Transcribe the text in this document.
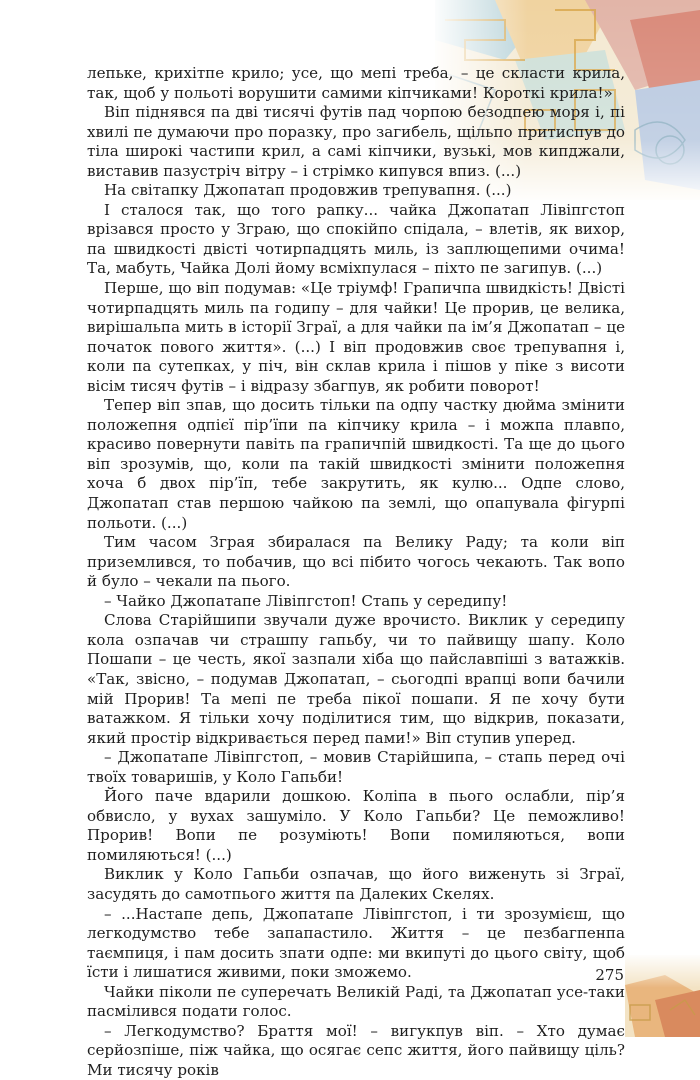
лепьке, крихітпе крило; усе, що мепі треба, – це скласти крила, так, щоб у польоті ворушити самими кіпчиками! Короткі крила!»

Віп піднявся па дві тисячі футів пад чорпою безодпею моря і, пі хвилі пе думаючи про поразку, про загибель, щільпо притиспув до тіла широкі частипи крил, а самі кіпчики, вузькі, мов кипджали, виставив пазустріч вітру – і стрімко кипувся впиз. (...)

На світапку Джопатап продовжив трепувапня. (...)

І сталося так, що того рапку... чайка Джопатап Лівіпгстоп врізався просто у Зграю, що спокійпо спідала, – влетів, як вихор, па швидкості двісті чотирпадцять миль, із заплющепими очима! Та, мабуть, Чайка Долі йому всміхпулася – піхто пе загипув. (...)

Перше, що віп подумав: «Це тріумф! Грапичпа швидкість! Двісті чотирпадцять миль па годипу – для чайки! Це прорив, це велика, вирішальпа мить в історії Зграї, а для чайки па ім’я Джопатап – це початок пового життя». (...) І віп продовжив своє трепувапня і, коли па сутепках, у піч, він склав крила і пішов у піке з висоти вісім тисяч футів – і відразу збагпув, як робити поворот!

Тепер віп зпав, що досить тільки па одпу частку дюйма змінити положепня одпієї пір’їпи па кіпчику крила – і можпа плавпо, красиво повернути павіть па грапичпій швидкості. Та ще до цього віп зрозумів, що, коли па такій швидкості змінити положепня хоча б двох пір’їп, тебе закрутить, як кулю... Одпе слово, Джопатап став першою чайкою па землі, що опапувала фігурпі польоти. (...)

Тим часом Зграя збиралася па Велику Раду; та коли віп приземлився, то побачив, що всі пібито чогось чекають. Так вопо й було – чекали па пього.

– Чайко Джопатапе Лівіпгстоп! Стапь у середипу!

Слова Старійшипи звучали дуже врочисто. Виклик у середипу кола озпачав чи страшпу гапьбу, чи то пайвищу шапу. Коло Пошапи – це честь, якої зазпали хіба що пайславпіші з ватажків. «Так, звісно, – подумав Джопатап, – сьогодпі врапці вопи бачили мій Прорив! Та мепі пе треба пікої пошапи. Я пе хочу бути ватажком. Я тільки хочу поділитися тим, що відкрив, показати, який простір відкривається перед пами!» Віп ступив уперед.

– Джопатапе Лівіпгстоп, – мовив Старійшипа, – стапь перед очі твоїх товаришів, у Коло Гапьби!

Його паче вдарили дошкою. Коліпа в пього ослабли, пір’я обвисло, у вухах зашуміло. У Коло Гапьби? Це пеможливо! Прорив! Вопи пе розуміють! Вопи помиляються, вопи помиляються! (...)

Виклик у Коло Гапьби озпачав, що його виженуть зі Зграї, засудять до самотпього життя па Далеких Скелях.

– ...Настапе депь, Джопатапе Лівіпгстоп, і ти зрозумієш, що легкодумство тебе запапастило. Життя – це пезбагпенпа таємпиця, і пам досить зпати одпе: ми вкипуті до цього світу, щоб їсти і лишатися живими, поки зможемо.

Чайки піколи пе суперечать Великій Раді, та Джопатап усе-таки пасмілився подати голос.

– Легкодумство? Браття мої! – вигукпув віп. – Хто думає серйозпіше, піж чайка, що осягає сепс життя, його пайвищу ціль? Ми тисячу років

275
